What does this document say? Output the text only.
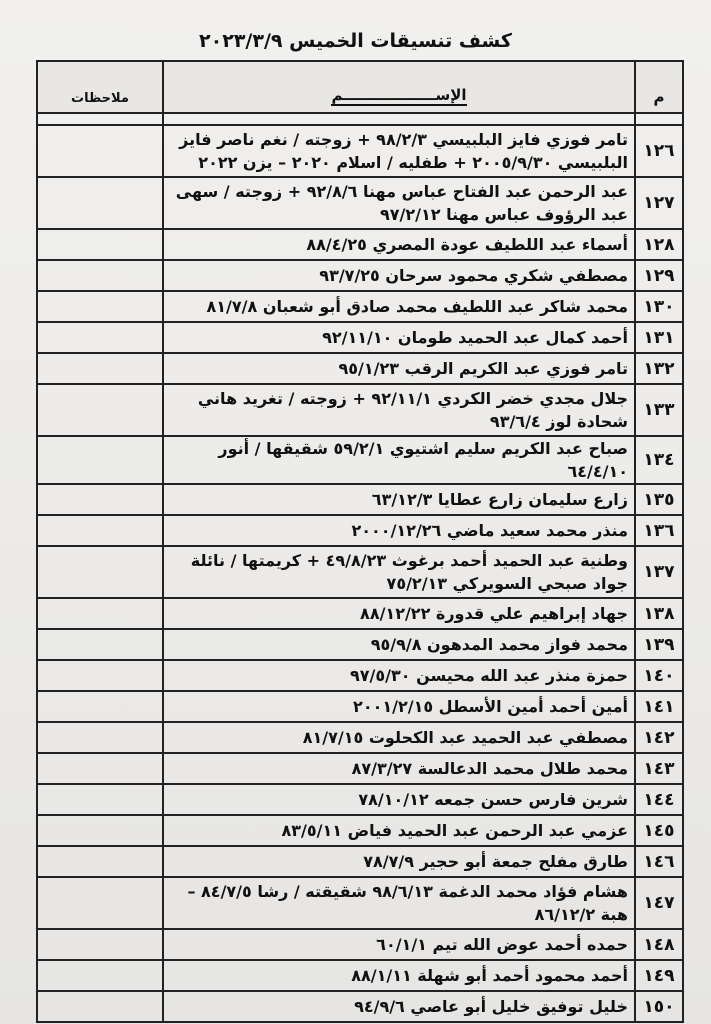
كشف تنسيقات الخميس ٢٠٢٣/٣/٩
م	الإســــــــــــــــــم	ملاحظات

١٢٦	تامر فوزي فايز البلبيسي ٩٨/٢/٣ + زوجته / نغم ناصر فايز البلبيسي ٢٠٠٥/٩/٣٠ + طفليه / اسلام ٢٠٢٠ – يزن ٢٠٢٢	
١٢٧	عبد الرحمن عبد الفتاح عباس مهنا ٩٢/٨/٦ + زوجته / سهى عبد الرؤوف عباس مهنا ٩٧/٢/١٢	
١٢٨	أسماء عبد اللطيف عودة المصري ٨٨/٤/٢٥	
١٢٩	مصطفي شكري محمود سرحان ٩٣/٧/٢٥	
١٣٠	محمد شاكر عبد اللطيف محمد صادق أبو شعبان ٨١/٧/٨	
١٣١	أحمد كمال عبد الحميد طومان ٩٢/١١/١٠	
١٣٢	تامر فوزي عبد الكريم الرقب ٩٥/١/٢٣	
١٣٣	جلال مجدي خضر الكردي ٩٢/١١/١ + زوجته / تغريد هاني شحادة لوز ٩٣/٦/٤	
١٣٤	صباح عبد الكريم سليم اشتيوي ٥٩/٢/١ شقيقها / أنور ٦٤/٤/١٠	
١٣٥	زارع سليمان زارع عطايا ٦٣/١٢/٣	
١٣٦	منذر محمد سعيد ماضي ٢٠٠٠/١٢/٢٦	
١٣٧	وطنية عبد الحميد أحمد برغوث ٤٩/٨/٢٣ + كريمتها / نائلة جواد صبحي السويركي ٧٥/٢/١٣	
١٣٨	جهاد إبراهيم علي قدورة ٨٨/١٢/٢٢	
١٣٩	محمد فواز محمد المدهون ٩٥/٩/٨	
١٤٠	حمزة منذر عبد الله محيسن ٩٧/٥/٣٠	
١٤١	أمين أحمد أمين الأسطل ٢٠٠١/٢/١٥	
١٤٢	مصطفي عبد الحميد عبد الكحلوت ٨١/٧/١٥	
١٤٣	محمد طلال محمد الدعالسة ٨٧/٣/٢٧	
١٤٤	شرين فارس حسن جمعه ٧٨/١٠/١٢	
١٤٥	عزمي عبد الرحمن عبد الحميد فياض ٨٣/٥/١١	
١٤٦	طارق مفلح جمعة أبو حجير ٧٨/٧/٩	
١٤٧	هشام فؤاد محمد الدغمة ٩٨/٦/١٣ شقيقته / رشا ٨٤/٧/٥ – هبة ٨٦/١٢/٢	
١٤٨	حمده أحمد عوض الله تيم ٦٠/١/١	
١٤٩	أحمد محمود أحمد أبو شهلة ٨٨/١/١١	
١٥٠	خليل توفيق خليل أبو عاصي ٩٤/٩/٦	
